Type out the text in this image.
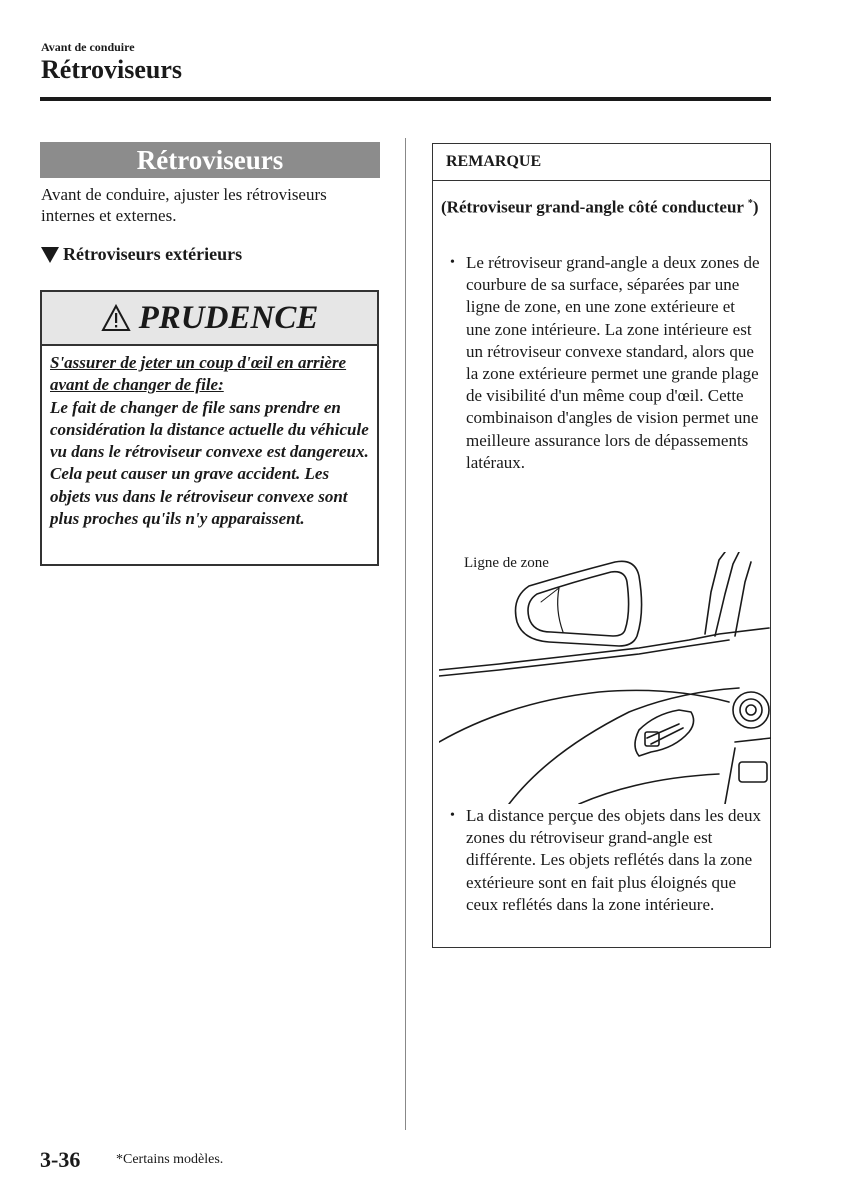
Avant de conduire
Rétroviseurs
Rétroviseurs

Avant de conduire, ajuster les rétroviseurs internes et externes.

Rétroviseurs extérieurs
PRUDENCE
S'assurer de jeter un coup d'œil en arrière avant de changer de file:
Le fait de changer de file sans prendre en considération la distance actuelle du véhicule vu dans le rétroviseur convexe est dangereux. Cela peut causer un grave accident. Les objets vus dans le rétroviseur convexe sont plus proches qu'ils n'y apparaissent.
REMARQUE

(Rétroviseur grand-angle côté conducteur *)

• Le rétroviseur grand-angle a deux zones de courbure de sa surface, séparées par une ligne de zone, en une zone extérieure et une zone intérieure. La zone intérieure est un rétroviseur convexe standard, alors que la zone extérieure permet une grande plage de visibilité d'un même coup d'œil. Cette combinaison d'angles de vision permet une meilleure assurance lors de dépassements latéraux.
Ligne de zone
• La distance perçue des objets dans les deux zones du rétroviseur grand-angle est différente. Les objets reflétés dans la zone extérieure sont en fait plus éloignés que ceux reflétés dans la zone intérieure.
3-36	*Certains modèles.
